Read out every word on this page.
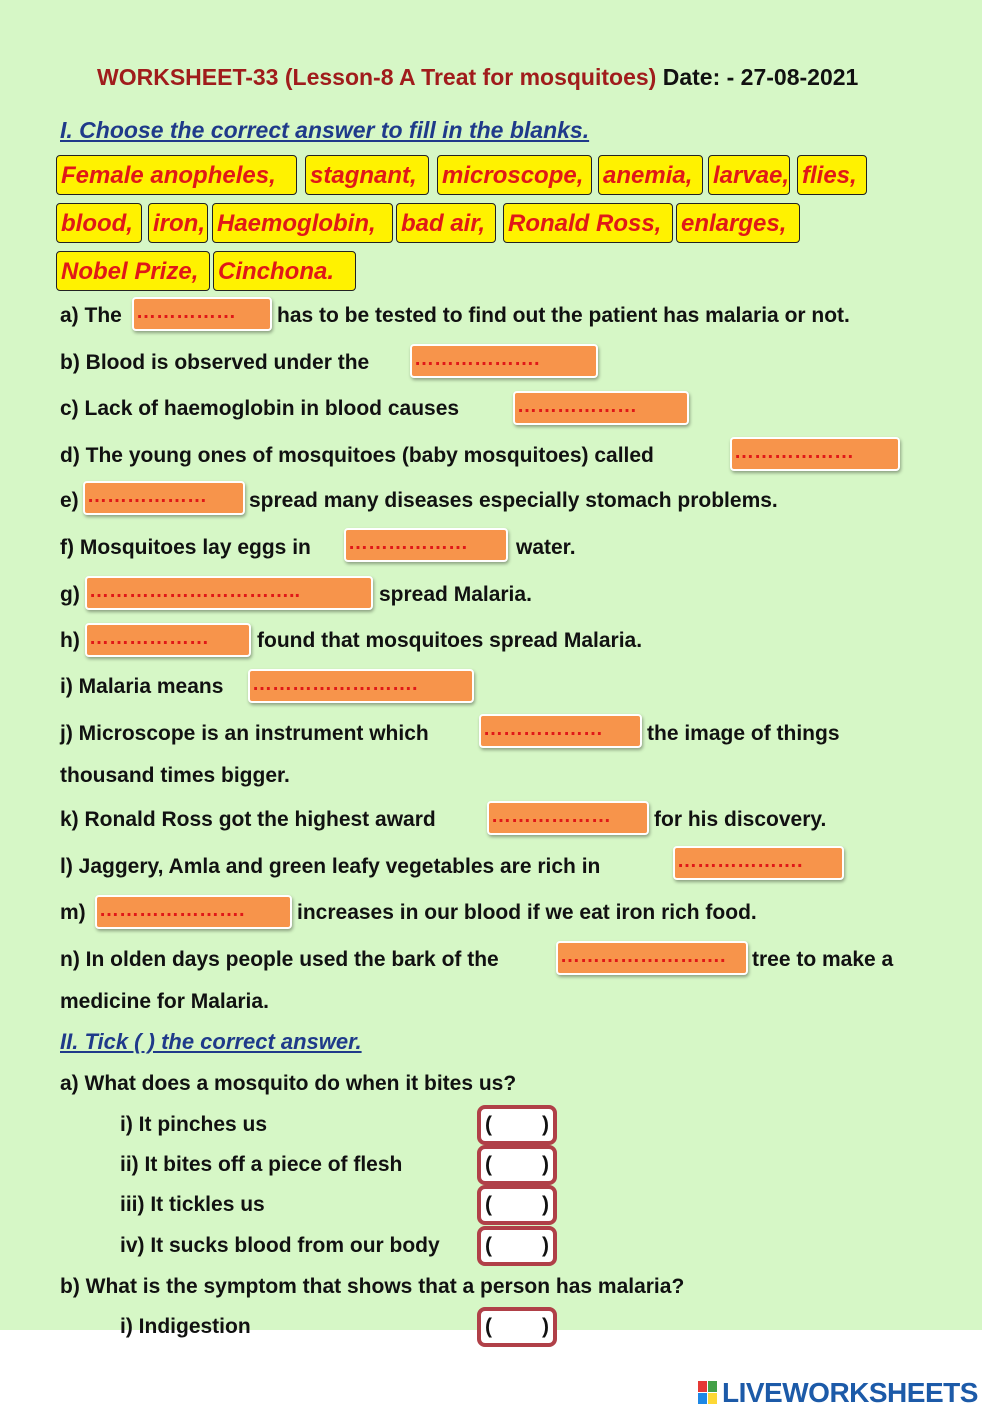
WORKSHEET-33 (Lesson-8 A Treat for mosquitoes) Date: - 27-08-2021
I. Choose the correct answer to fill in the blanks.
Female anopheles,	stagnant,	microscope, anemia, larvae, flies,
blood, iron, Haemoglobin,	bad air, Ronald Ross, enlarges,
Nobel Prize, Cinchona.
a) The ……………	has to be tested to find out the patient has malaria or not.
b) Blood is observed under the ……………….
c) Lack of haemoglobin in blood causes	………………
d) The young ones of mosquitoes (baby mosquitoes) called	………………
e) ………………	spread many diseases especially stomach problems.
f) Mosquitoes lay eggs in ………………	water.
g) …………………………..	spread Malaria.
h) ………………	found that mosquitoes spread Malaria.
i) Malaria means …………………….
j) Microscope is an instrument which	………………	the image of things
thousand times bigger.
k) Ronald Ross got the highest award	………………	for his discovery.
l) Jaggery, Amla and green leafy vegetables are rich in	……………….
m) ………………….	increases in our blood if we eat iron rich food.
n) In olden days people used the bark of the	…………………….	tree to make a
medicine for Malaria.
II. Tick ( ) the correct answer.
a) What does a mosquito do when it bites us?
i) It pinches us	( )
ii) It bites off a piece of flesh	( )
iii) It tickles us	( )
iv) It sucks blood from our body ( )
b) What is the symptom that shows that a person has malaria?
i) Indigestion	( )
LIVEWORKSHEETS
